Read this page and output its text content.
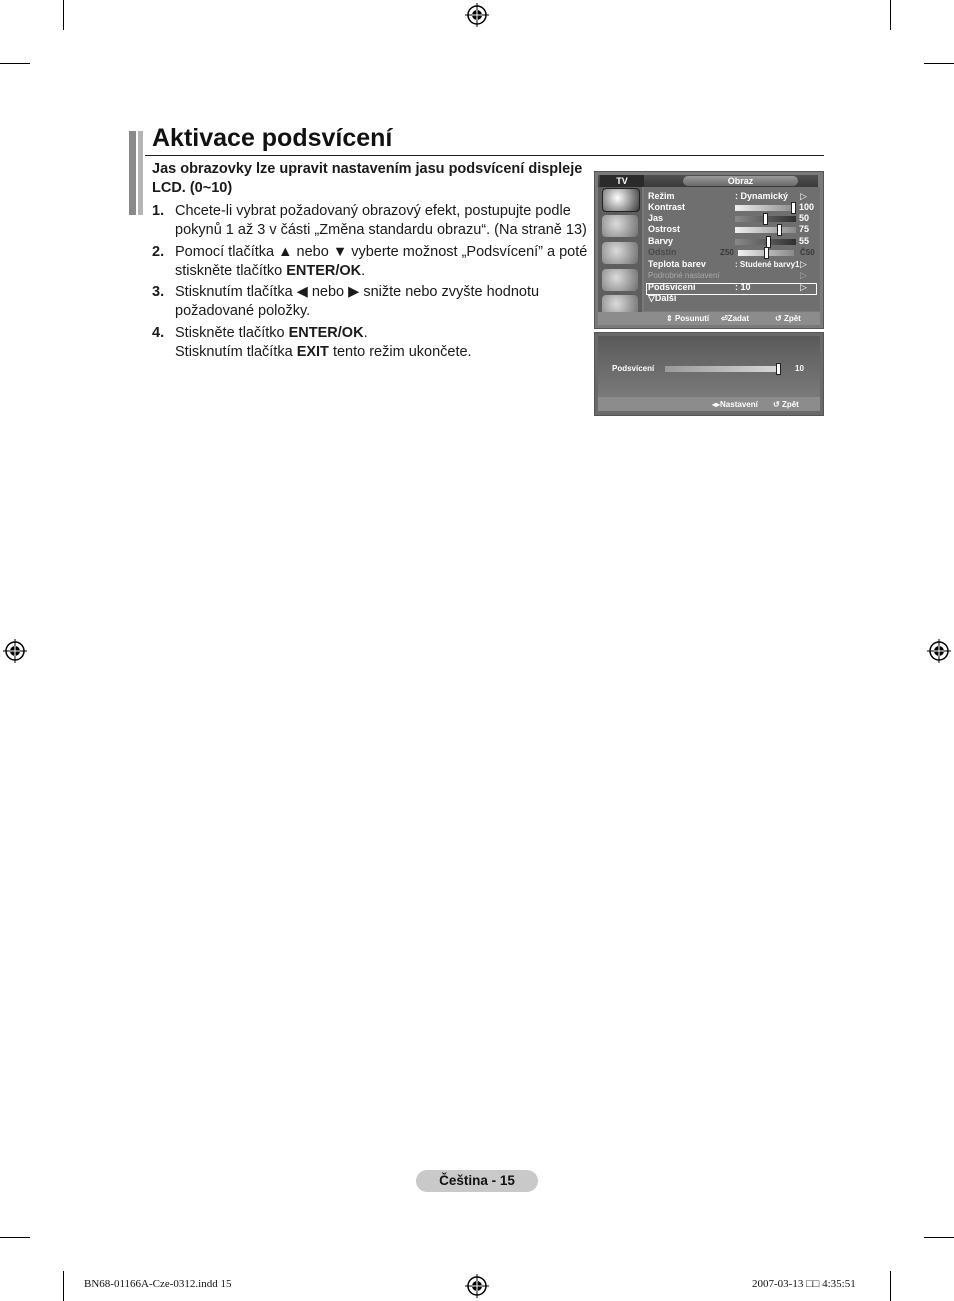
Aktivace podsvícení
Jas obrazovky lze upravit nastavením jasu podsvícení displeje LCD. (0~10)
1. Chcete-li vybrat požadovaný obrazový efekt, postupujte podle pokynů 1 až 3 v části „Změna standardu obrazu“. (Na straně 13)
2. Pomocí tlačítka ▲ nebo ▼ vyberte možnost „Podsvícení” a poté stiskněte tlačítko ENTER/OK.
3. Stisknutím tlačítka ◀ nebo ▶ snižte nebo zvyšte hodnotu požadované položky.
4. Stiskněte tlačítko ENTER/OK.
Stisknutím tlačítka EXIT tento režim ukončete.
TV	Obraz
Režim	: Dynamický ▷
Kontrast	100
Jas	50
Ostrost	75
Barvy	55
Odstín	Z50	Č50
Teplota barev	: Studené barvy1 ▷
Podrobné nastavení	▷
Podsvícení	: 10	▷
▽Další
⇕ Posunutí ⏎Zadat	↺ Zpět
Podsvícení	10
◂▸Nastavení ↺ Zpět
Čeština - 15
BN68-01166A-Cze-0312.indd 15	2007-03-13 □□ 4:35:51
